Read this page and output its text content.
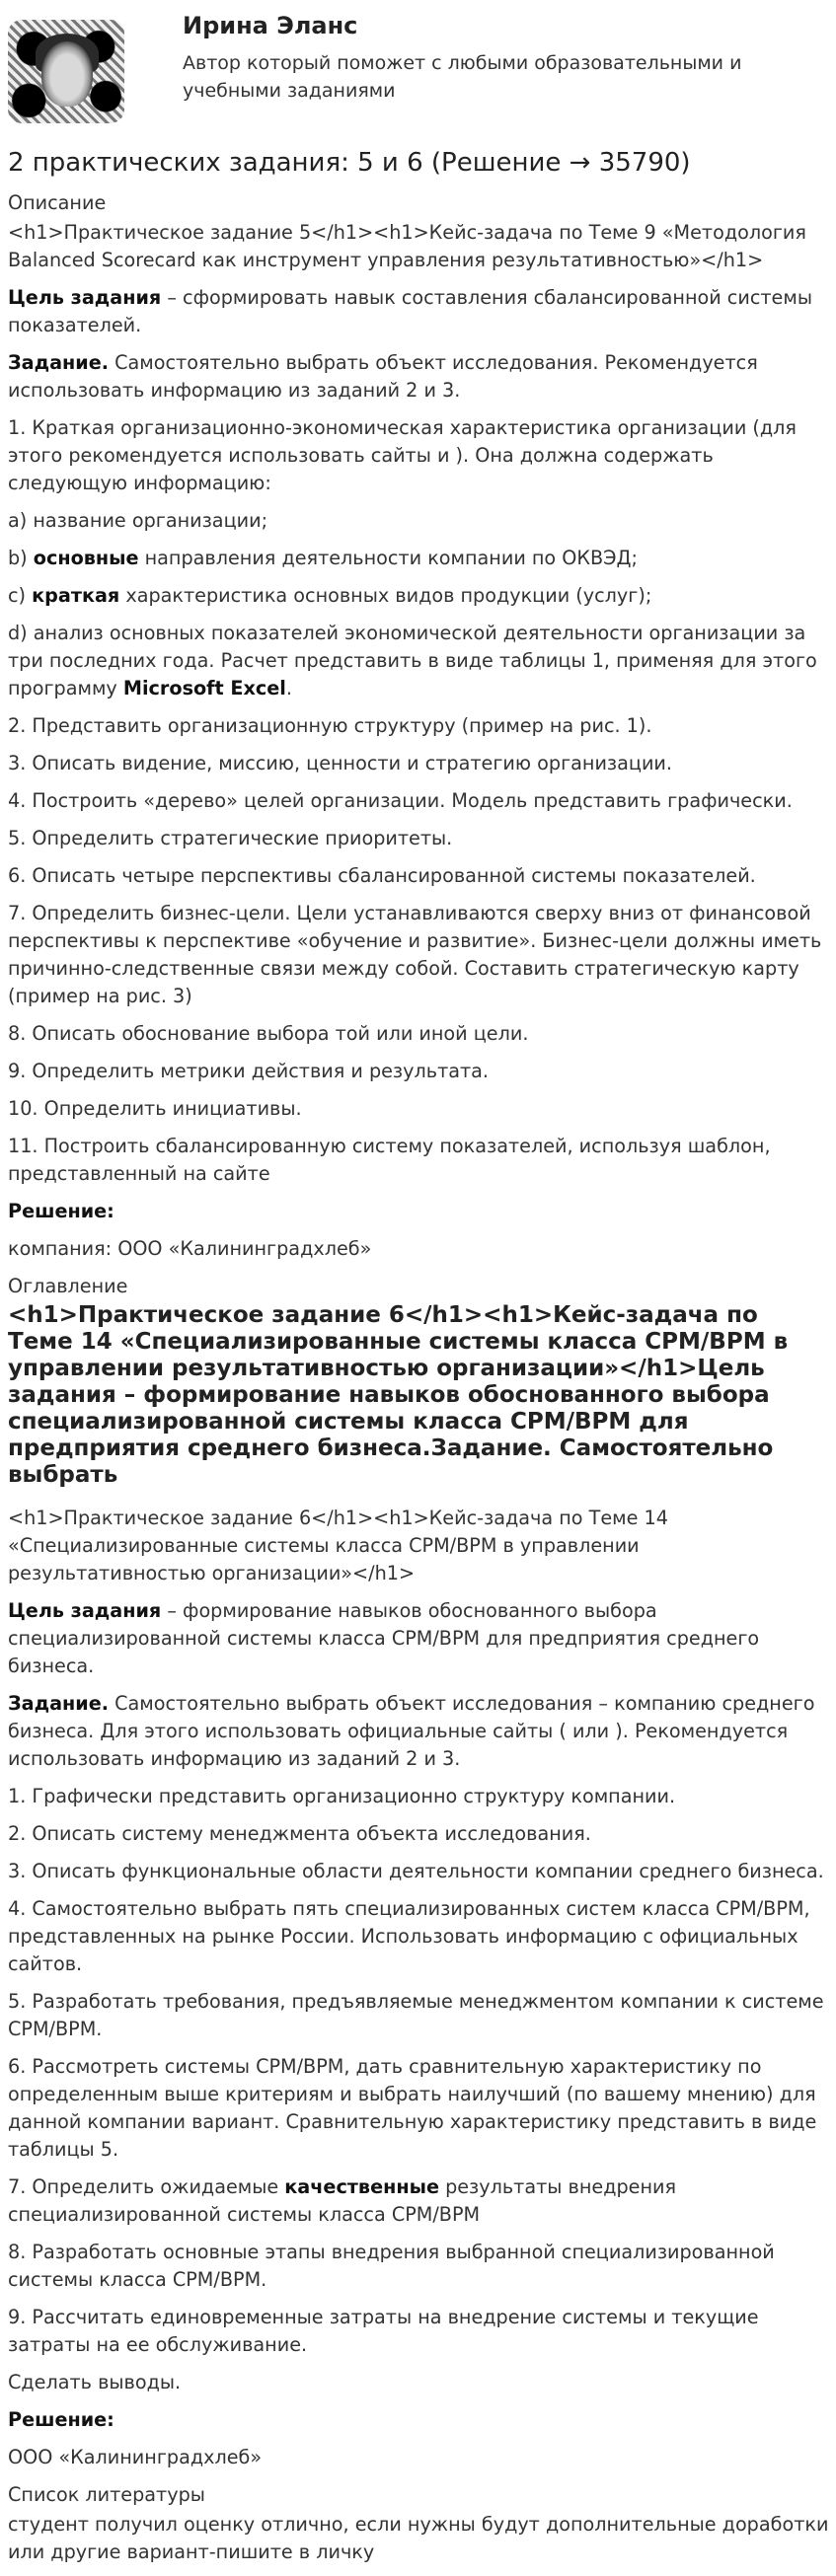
Ирина Эланс
Автор который поможет с любыми образовательными и учебными заданиями
2 практических задания: 5 и 6 (Решение → 35790)

Описание

<h1>Практическое задание 5</h1><h1>Кейс-задача по Теме 9 «Методология Balanced Scorecard как инструмент управления результативностью»</h1>

Цель задания – сформировать навык составления сбалансированной системы показателей.

Задание. Самостоятельно выбрать объект исследования. Рекомендуется использовать информацию из заданий 2 и 3.

1. Краткая организационно-экономическая характеристика организации (для этого рекомендуется использовать сайты и ). Она должна содержать следующую информацию:

а) название организации;

b) основные направления деятельности компании по ОКВЭД;

c) краткая характеристика основных видов продукции (услуг);

d) анализ основных показателей экономической деятельности организации за три последних года. Расчет представить в виде таблицы 1, применяя для этого программу Microsoft Excel.

2. Представить организационную структуру (пример на рис. 1).

3. Описать видение, миссию, ценности и стратегию организации.

4. Построить «дерево» целей организации. Модель представить графически.

5. Определить стратегические приоритеты.

6. Описать четыре перспективы сбалансированной системы показателей.

7. Определить бизнес-цели. Цели устанавливаются сверху вниз от финансовой перспективы к перспективе «обучение и развитие». Бизнес-цели должны иметь причинно-следственные связи между собой. Составить стратегическую карту (пример на рис. 3)

8. Описать обоснование выбора той или иной цели.

9. Определить метрики действия и результата.

10. Определить инициативы.

11. Построить сбалансированную систему показателей, используя шаблон, представленный на сайте

Решение:

компания: ООО «Калининградхлеб»

Оглавление

<h1>Практическое задание 6</h1><h1>Кейс-задача по Теме 14 «Специализированные системы класса CPM/BPM в управлении результативностью организации»</h1>Цель задания – формирование навыков обоснованного выбора специализированной системы класса CPM/BPM для предприятия среднего бизнеса.Задание. Самостоятельно выбрать

<h1>Практическое задание 6</h1><h1>Кейс-задача по Теме 14 «Специализированные системы класса CPM/BPM в управлении результативностью организации»</h1>

Цель задания – формирование навыков обоснованного выбора специализированной системы класса CPM/BPM для предприятия среднего бизнеса.

Задание. Самостоятельно выбрать объект исследования – компанию среднего бизнеса. Для этого использовать официальные сайты ( или ). Рекомендуется использовать информацию из заданий 2 и 3.

1. Графически представить организационно структуру компании.

2. Описать систему менеджмента объекта исследования.

3. Описать функциональные области деятельности компании среднего бизнеса.

4. Самостоятельно выбрать пять специализированных систем класса CPM/BPM, представленных на рынке России. Использовать информацию с официальных сайтов.

5. Разработать требования, предъявляемые менеджментом компании к системе CPM/BPM.

6. Рассмотреть системы CPM/BPM, дать сравнительную характеристику по определенным выше критериям и выбрать наилучший (по вашему мнению) для данной компании вариант. Сравнительную характеристику представить в виде таблицы 5.

7. Определить ожидаемые качественные результаты внедрения специализированной системы класса CPM/BPM

8. Разработать основные этапы внедрения выбранной специализированной системы класса CPM/BPM.

9. Рассчитать единовременные затраты на внедрение системы и текущие затраты на ее обслуживание.

Сделать выводы.

Решение:

ООО «Калининградхлеб»

Список литературы

студент получил оценку отлично, если нужны будут дополнительные доработки или другие вариант-пишите в личку
